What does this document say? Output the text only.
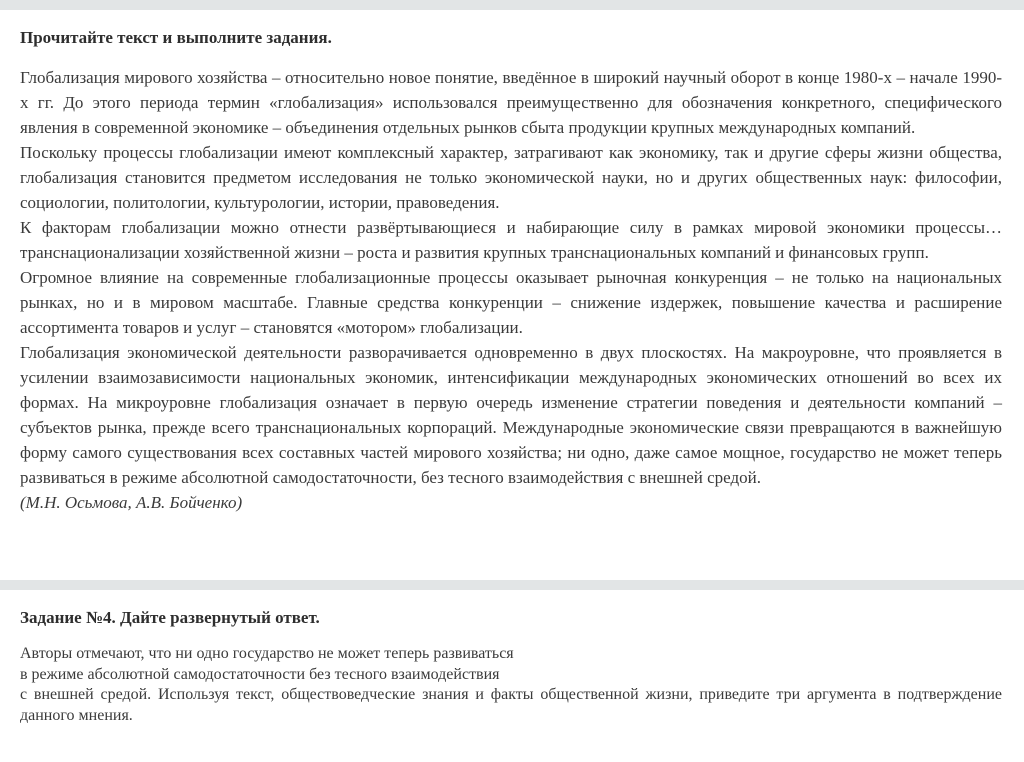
Прочитайте текст и выполните задания.

Глобализация мирового хозяйства – относительно новое понятие, введённое в широкий научный оборот в конце 1980-х – начале 1990-х гг. До этого периода термин «глобализация» использовался преимущественно для обозначения конкретного, специфического явления в современной экономике – объединения отдельных рынков сбыта продукции крупных международных компаний.

Поскольку процессы глобализации имеют комплексный характер, затрагивают как экономику, так и другие сферы жизни общества, глобализация становится предметом исследования не только экономической науки, но и других общественных наук: философии, социологии, политологии, культурологии, истории, правоведения.

К факторам глобализации можно отнести развёртывающиеся и набирающие силу в рамках мировой экономики процессы… транснационализации хозяйственной жизни – роста и развития крупных транснациональных компаний и финансовых групп.

Огромное влияние на современные глобализационные процессы оказывает рыночная конкуренция – не только на национальных рынках, но и в мировом масштабе. Главные средства конкуренции – снижение издержек, повышение качества и расширение ассортимента товаров и услуг – становятся «мотором» глобализации.

Глобализация экономической деятельности разворачивается одновременно в двух плоскостях. На макроуровне, что проявляется в усилении взаимозависимости национальных экономик, интенсификации международных экономических отношений во всех их формах. На микроуровне глобализация означает в первую очередь изменение стратегии поведения и деятельности компаний – субъектов рынка, прежде всего транснациональных корпораций. Международные экономические связи превращаются в важнейшую форму самого существования всех составных частей мирового хозяйства; ни одно, даже самое мощное, государство не может теперь развиваться в режиме абсолютной самодостаточности, без тесного взаимодействия с внешней средой.

(М.Н. Осьмова, А.В. Бойченко)

Задание №4. Дайте развернутый ответ.

Авторы отмечают, что ни одно государство не может теперь развиваться
в режиме абсолютной самодостаточности без тесного взаимодействия
с внешней средой. Используя текст, обществоведческие знания и факты общественной жизни, приведите три аргумента в подтверждение данного мнения.
